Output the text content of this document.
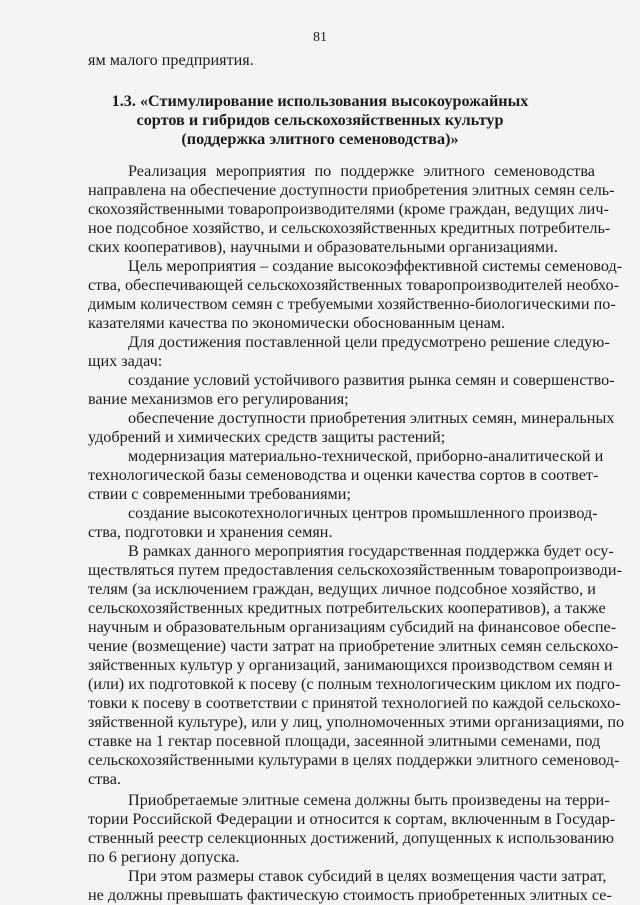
81
ям малого предприятия.
1.3. «Стимулирование использования высокоурожайных
сортов и гибридов сельскохозяйственных культур
(поддержка элитного семеноводства)»
Реализация мероприятия по поддержке элитного семеноводства
направлена на обеспечение доступности приобретения элитных семян сель-
скохозяйственными товаропроизводителями (кроме граждан, ведущих лич-
ное подсобное хозяйство, и сельскохозяйственных кредитных потребитель-
ских кооперативов), научными и образовательными организациями.
Цель мероприятия – создание высокоэффективной системы семеновод-
ства, обеспечивающей сельскохозяйственных товаропроизводителей необхо-
димым количеством семян с требуемыми хозяйственно-биологическими по-
казателями качества по экономически обоснованным ценам.
Для достижения поставленной цели предусмотрено решение следую-
щих задач:
создание условий устойчивого развития рынка семян и совершенство-
вание механизмов его регулирования;
обеспечение доступности приобретения элитных семян, минеральных
удобрений и химических средств защиты растений;
модернизация материально-технической, приборно-аналитической и
технологической базы семеноводства и оценки качества сортов в соответ-
ствии с современными требованиями;
создание высокотехнологичных центров промышленного производ-
ства, подготовки и хранения семян.
В рамках данного мероприятия государственная поддержка будет осу-
ществляться путем предоставления сельскохозяйственным товаропроизводи-
телям (за исключением граждан, ведущих личное подсобное хозяйство, и
сельскохозяйственных кредитных потребительских кооперативов), а также
научным и образовательным организациям субсидий на финансовое обеспе-
чение (возмещение) части затрат на приобретение элитных семян сельскохо-
зяйственных культур у организаций, занимающихся производством семян и
(или) их подготовкой к посеву (с полным технологическим циклом их подго-
товки к посеву в соответствии с принятой технологией по каждой сельскохо-
зяйственной культуре), или у лиц, уполномоченных этими организациями, по
ставке на 1 гектар посевной площади, засеянной элитными семенами, под
сельскохозяйственными культурами в целях поддержки элитного семеновод-
ства.
Приобретаемые элитные семена должны быть произведены на терри-
тории Российской Федерации и относится к сортам, включенным в Государ-
ственный реестр селекционных достижений, допущенных к использованию
по 6 региону допуска.
При этом размеры ставок субсидий в целях возмещения части затрат,
не должны превышать фактическую стоимость приобретенных элитных се-
